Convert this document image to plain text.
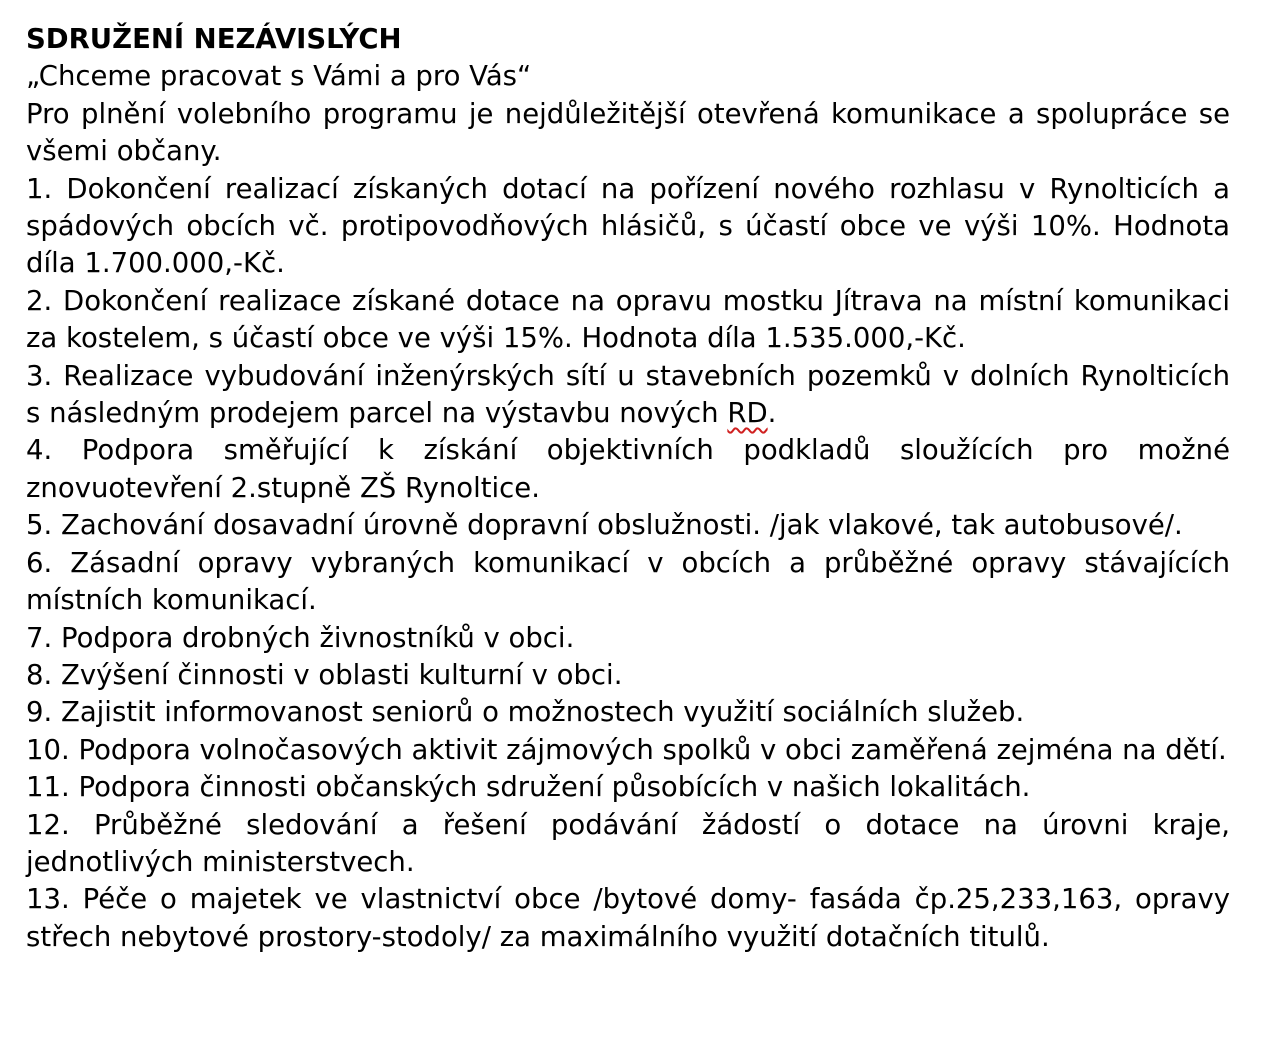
SDRUŽENÍ NEZÁVISLÝCH

„Chceme pracovat s Vámi a pro Vás“

Pro plnění volebního programu je nejdůležitější otevřená komunikace a spolupráce se všemi občany.

1. Dokončení realizací získaných dotací na pořízení nového rozhlasu v Rynolticích a spádových obcích vč. protipovodňových hlásičů, s účastí obce ve výši 10%. Hodnota díla 1.700.000,-Kč.

2. Dokončení realizace získané dotace na opravu mostku Jítrava na místní komunikaci za kostelem, s účastí obce ve výši 15%. Hodnota díla 1.535.000,-Kč.

3. Realizace vybudování inženýrských sítí u stavebních pozemků v dolních Rynolticích s následným prodejem parcel na výstavbu nových RD.

4. Podpora směřující k získání objektivních podkladů sloužících pro možné znovuotevření 2.stupně ZŠ Rynoltice.

5. Zachování dosavadní úrovně dopravní obslužnosti. /jak vlakové, tak autobusové/.

6. Zásadní opravy vybraných komunikací v obcích a průběžné opravy stávajících místních komunikací.

7. Podpora drobných živnostníků v obci.

8. Zvýšení činnosti v oblasti kulturní v obci.

9. Zajistit informovanost seniorů o možnostech využití sociálních služeb.

10. Podpora volnočasových aktivit zájmových spolků v obci zaměřená zejména na dětí.

11. Podpora činnosti občanských sdružení působících v našich lokalitách.

12. Průběžné sledování a řešení podávání žádostí o dotace na úrovni kraje, jednotlivých ministerstvech.

13. Péče o majetek ve vlastnictví obce /bytové domy- fasáda čp.25,233,163, opravy střech nebytové prostory-stodoly/ za maximálního využití dotačních titulů.
